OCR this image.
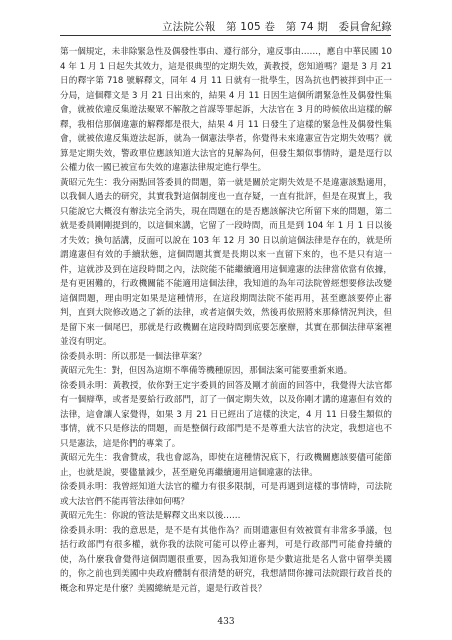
立法院公報 第 105 卷 第 74 期 委員會紀錄

第一個規定，未非除緊急性及偶發性事由、遵行部分，違反事由……，應自中華民國 104 年 1 月 1 日起失其效力，這是很典型的定期失效，黃教授，您知道嗎？還是 3 月 21 日的釋字第 718 號解釋文，同年 4 月 11 日就有一批學生，因為抗也們被拌到中正一分局，這個釋文是 3 月 21 日出來的，結果 4 月 11 日因生這個所謂緊急性及偶發性集會，就被依違反集遊法聚眾不解散之首謀等罪起訴，大法官在 3 月的時候依出這樣的解釋，我相信那個違憲的解釋都是很大，結果 4 月 11 日發生了這樣的緊急性及偶發性集會，就被依違反集遊法起訴，就為一個憲法學者，你覺得未來違憲宣告定期失效嗎？就算是定期失效，警政單位應該知道大法官的見解為何，但發生類似事情時，還是逕行以公權力依一國已被宣布失效的違憲法律規定進行學生。

黃昭元先生：我分兩點回答委員的問題，第一就是關於定期失效是不是違憲該點適用，以我個人過去的研究，其實我對這個制度也一直存疑，一直有批評，但是在現實上，我只能說它大概沒有辦法完全消失，現在問題在的是否應該解決它所留下來的問題，第二就是委員剛剛提到的，以這個來講，它留了一段時間，而且是到 104 年 1 月 1 日以後才失效；換句話講，反面可以說在 103 年 12 月 30 日以前這個法律是存在的，就是所謂違憲但有效的手續狀態，這個問題其實是長期以來一直留下來的，也不是只有這一件，這就涉及到在這段時間之內，法院能不能繼續適用這個違憲的法律當依當有依據，是有更困難的，行政機關能不能適用這個法律，我知道的為年司法院曾經想要修法改變這個問題，理由明定如果是這種情形，在這段期間法院不能再用，甚至應該要停止審判，直到大院修改過之了新的法律，或者這個失效，然後再依照將來那條情況判決，但是留下來一個尾巴，那就是行政機關在這段時間到底要怎麼辦，其實在那個法律草案裡並沒有明定。

徐委員永明：所以那是一個法律草案？

黃昭元先生：對，但因為這期不準備等機種原因，那個法案可能要重新來過。

徐委員永明：黃教授，依你對王定宇委員的回答及剛才前面的回答中，我覺得大法官都有一個辯準，或者是要給行政部門，訂了一個定期失效，以及你剛才講的違憲但有效的法律，這會讓人家覺得，如果 3 月 21 日已經出了這樣的決定，4 月 11 日發生類似的事情，就不只是修法的問題，而是整個行政部門是不是尊重大法官的決定，我想這也不只是憲法，這是你們的專業了。

黃昭元先生：我會贊成，我也會認為，即使在這種情況底下，行政機關應該要儘可能節止，也就是說，要儘量減少，甚至避免再繼續適用這個違憲的法律。

徐委員永明：我曾經知道大法官的權力有很多限制，可是再遇到這樣的事情時，司法院或大法官們不能再管法律如何嗎？

黃昭元先生：你說的管法是解釋文出來以後……

徐委員永明：我的意思是，是不是有其他作為？而則遣憲但有效被質有非常多爭議，包括行政部門有很多權，就你我的法院可能可以停止審判，可是行政部門可能會持續的使，為什麼我會覺得這個問題很重要，因為我知道你是少數這批是名人當中留學美國的，你之前也到美國中央政府體制有很清楚的研究，我想請問你據司法院跟行政首長的概念和界定是什麼？美國總統是元首，還是行政首長？

433
